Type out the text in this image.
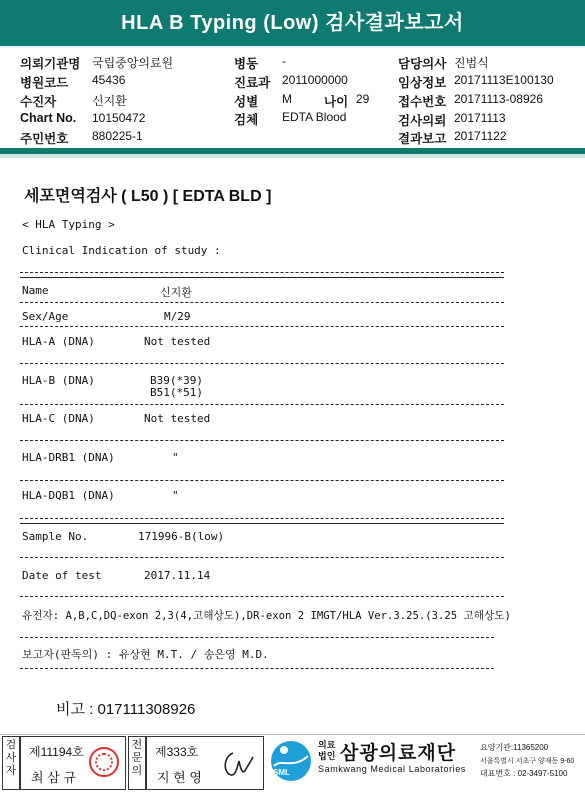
HLA B Typing (Low) 검사결과보고서
의뢰기관명 국립중앙의료원
병원코드 45436
수진자	신지환
Chart No. 10150472
주민번호 880225-1
병동 -
진료과 2011000000
성별 M	나이 29
검체 EDTA Blood
담당의사 진범식
임상정보 20171113E100130
접수번호 20171113-08926
검사의뢰 20171113
결과보고 20171122
세포면역검사 ( L50 ) [ EDTA BLD ]
< HLA Typing >
Clinical Indication of study :
Name	신지환
Sex/Age	M/29
HLA-A (DNA)	Not tested
HLA-B (DNA)	B39(*39)
B51(*51)
HLA-C (DNA)	Not tested
HLA-DRB1 (DNA)	"
HLA-DQB1 (DNA)	"
Sample No.	171996-B(low)
Date of test	2017.11.14
유전자: A,B,C,DQ-exon 2,3(4,고해상도),DR-exon 2 IMGT/HLA Ver.3.25.(3.25 고해상도)
보고자(판독의) : 유상현 M.T. / 송은영 M.D.
비고 : 017111308926
검
사
자
제11194호
최 삼 규
전
문
의
제333호
지 현 영	SML
의료
법인 삼광의료재단
Samkwang Medical Laboratories
요양기관:11365200
서울특별시 서초구 양재동 9-60
대표번호 : 02-3497-5100
